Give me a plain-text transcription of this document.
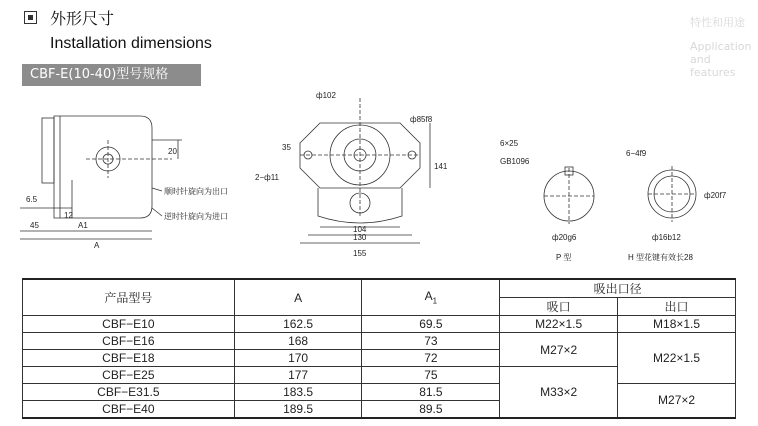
外形尺寸
Installation dimensions
CBF-E(10-40)型号规格
特性和用途
Application and features
20
6.5
12
45	A1
A
顺时针旋向为出口
逆时针旋向为进口
ф102
ф85f8
35
2−ф11
141
104
130
155
6×25
GB1096
ф20g6
P 型
6−4f9
ф20f7
ф16b12
H 型花键有效长28
产品型号	A	$A_1$	吸出口径	
			吸口	出口
CBF−E10	162.5	69.5	M22×1.5	M18×1.5
CBF−E16	168	73	M27×2	M22×1.5
CBF−E18	170	72		
CBF−E25	177	75	M33×2	
CBF−E31.5	183.5	81.5		M27×2
CBF−E40	189.5	89.5		
